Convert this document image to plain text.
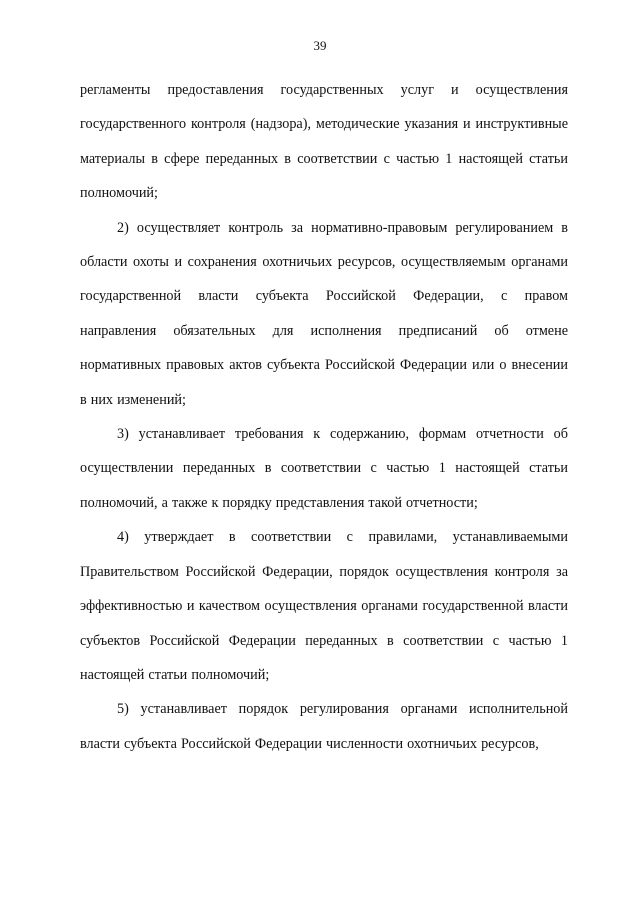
39

регламенты предоставления государственных услуг и осуществления государственного контроля (надзора), методические указания и инструктивные материалы в сфере переданных в соответствии с частью 1 настоящей статьи полномочий;

2) осуществляет контроль за нормативно-правовым регулированием в области охоты и сохранения охотничьих ресурсов, осуществляемым органами государственной власти субъекта Российской Федерации, с правом направления обязательных для исполнения предписаний об отмене нормативных правовых актов субъекта Российской Федерации или о внесении в них изменений;

3) устанавливает требования к содержанию, формам отчетности об осуществлении переданных в соответствии с частью 1 настоящей статьи полномочий, а также к порядку представления такой отчетности;

4) утверждает в соответствии с правилами, устанавливаемыми Правительством Российской Федерации, порядок осуществления контроля за эффективностью и качеством осуществления органами государственной власти субъектов Российской Федерации переданных в соответствии с частью 1 настоящей статьи полномочий;

5) устанавливает порядок регулирования органами исполнительной власти субъекта Российской Федерации численности охотничьих ресурсов,
